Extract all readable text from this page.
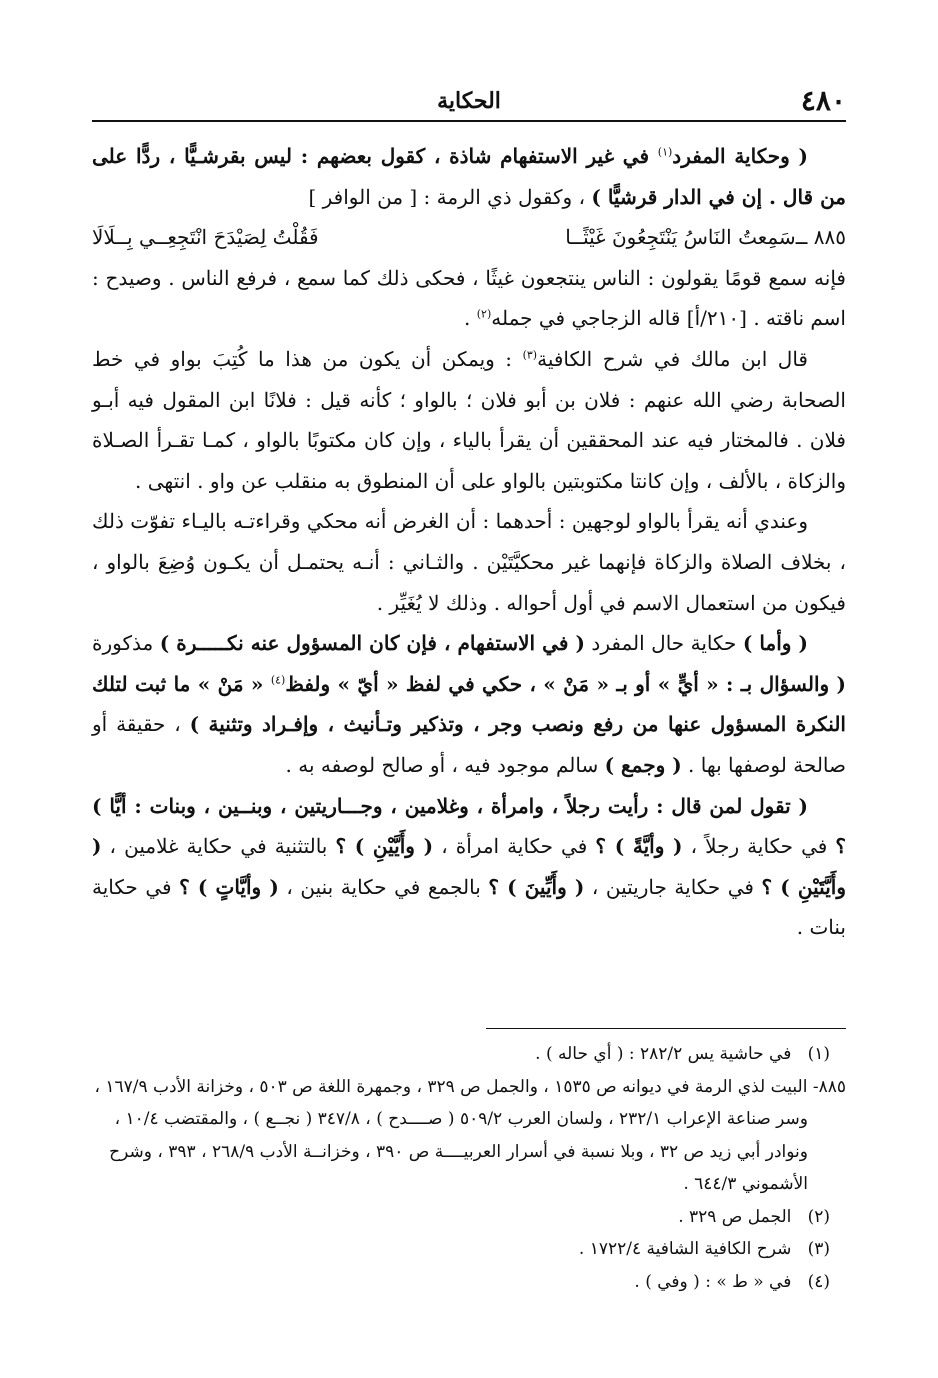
٤٨٠
الحكاية

( وحكاية المفرد$^{(١)}$ في غير الاستفهام شاذة ، كقول بعضهم : ليس بقرشـيًّا ، ردًّا على من قال . إن في الدار قرشيًّا ) ، وكقول ذي الرمة : [ من الوافر ]

٨٨٥ ــسَمِعتُ النَاسُ يَنْتَجِعُونَ غَيْثًــا
فَقُلْتُ لِصَيْدَحَ انْتَجِعِــي بِــلَالَا

فإنه سمع قومًا يقولون : الناس ينتجعون غيثًا ، فحكى ذلك كما سمع ، فرفع الناس . وصيدح : اسم ناقته . [٢١٠/أ] قاله الزجاجي في جمله$^{(٢)}$ .

قال ابن مالك في شرح الكافية$^{(٣)}$ : ويمكن أن يكون من هذا ما كُتِبَ بواو في خط الصحابة رضي الله عنهم : فلان بن أبو فلان ؛ بالواو ؛ كأنه قيل : فلانًا ابن المقول فيه أبـو فلان . فالمختار فيه عند المحققين أن يقرأ بالياء ، وإن كان مكتوبًا بالواو ، كمـا تقـرأ الصـلاة والزكاة ، بالألف ، وإن كانتا مكتوبتين بالواو على أن المنطوق به منقلب عن واو . انتهى .

وعندي أنه يقرأ بالواو لوجهين : أحدهما : أن الغرض أنه محكي وقراءتـه باليـاء تفوّت ذلك ، بخلاف الصلاة والزكاة فإنهما غير محكيَّتَيْن . والثـاني : أنـه يحتمـل أن يكـون وُضِعَ بالواو ، فيكون من استعمال الاسم في أول أحواله . وذلك لا يُغَيِّر .

( وأما ) حكاية حال المفرد ( في الاستفهام ، فإن كان المسؤول عنه نكـــــرة ) مذكورة ( والسؤال بـ : « أيٍّ » أو بـ « مَنْ » ، حكي في لفظ « أيّ » ولفظ$^{(٤)}$ « مَنْ » ما ثبت لتلك النكرة المسؤول عنها من رفع ونصب وجر ، وتذكير وتـأنيث ، وإفـراد وتثنية ) ، حقيقة أو صالحة لوصفها بها . ( وجمع ) سالم موجود فيه ، أو صالح لوصفه به .

( تقول لمن قال : رأيت رجلاً ، وامرأة ، وغلامين ، وجـــاريتين ، وبنــين ، وبنات : أيًّا ) ؟ في حكاية رجلاً ، ( وأيَّةً ) ؟ في حكاية امرأة ، ( وأَيَّيْنِ ) ؟ بالتثنية في حكاية غلامين ، ( وأَيَّتَيْنِ ) ؟ في حكاية جاريتين ، ( وأَيِّينَ ) ؟ بالجمع في حكاية بنين ، ( وأيَّاتٍ ) ؟ في حكاية بنات .

(١)   في حاشية يس ٢٨٢/٢ : ( أي حاله ) .

٨٨٥- البيت لذي الرمة في ديوانه ص ١٥٣٥ ، والجمل ص ٣٢٩ ، وجمهرة اللغة ص ٥٠٣ ، وخزانة الأدب ١٦٧/٩ ، وسر صناعة الإعراب ٢٣٢/١ ، ولسان العرب ٥٠٩/٢ ( صــــدح ) ، ٣٤٧/٨ ( نجــع ) ، والمقتضب ١٠/٤ ، ونوادر أبي زيد ص ٣٢ ، وبلا نسبة في أسرار العربيــــة ص ٣٩٠ ، وخزانــة الأدب ٢٦٨/٩ ، ٣٩٣ ، وشرح الأشموني ٦٤٤/٣ .

(٢)   الجمل ص ٣٢٩ .

(٣)   شرح الكافية الشافية ١٧٢٢/٤ .

(٤)   في « ط » : ( وفي ) .
